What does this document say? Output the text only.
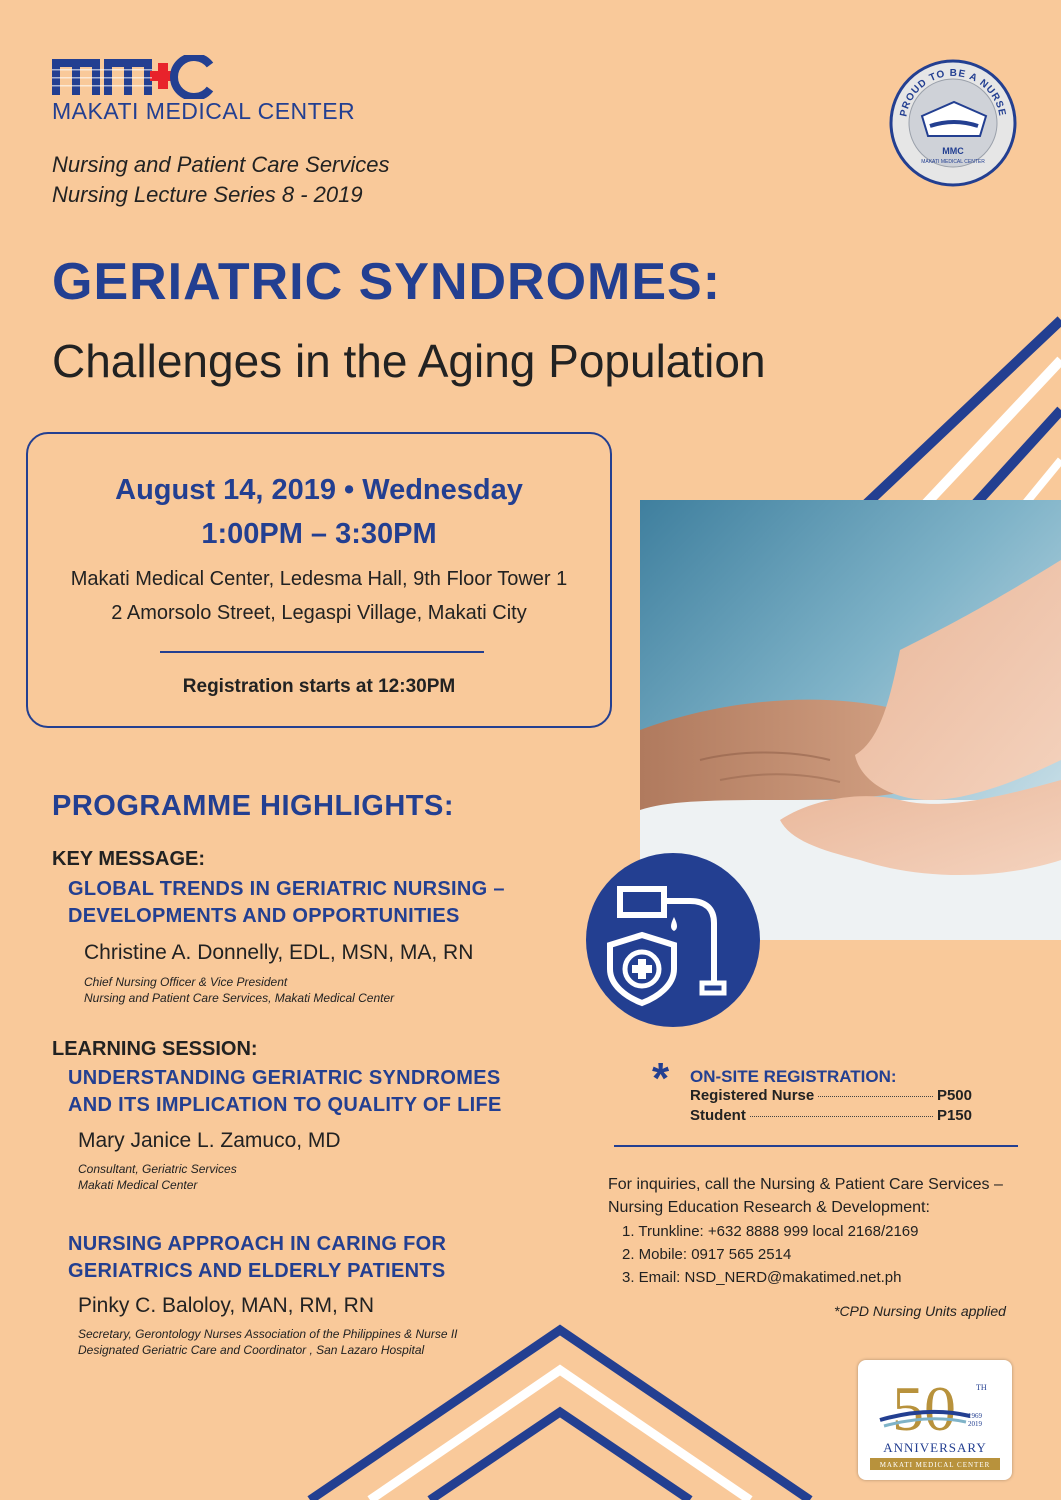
MAKATI MEDICAL CENTER
Nursing and Patient Care Services
Nursing Lecture Series 8 - 2019
PROUD TO BE A NURSE
MMC
MAKATI MEDICAL CENTER
GERIATRIC SYNDROMES:
Challenges in the Aging Population
August 14, 2019 • Wednesday
1:00PM – 3:30PM
Makati Medical Center, Ledesma Hall, 9th Floor Tower 1
2 Amorsolo Street, Legaspi Village, Makati City
Registration starts at 12:30PM
PROGRAMME HIGHLIGHTS:
KEY MESSAGE:
GLOBAL TRENDS IN GERIATRIC NURSING –
DEVELOPMENTS AND OPPORTUNITIES
Christine A. Donnelly, EDL, MSN, MA, RN
Chief Nursing Officer & Vice President
Nursing and Patient Care Services, Makati Medical Center
LEARNING SESSION:
UNDERSTANDING GERIATRIC SYNDROMES
AND ITS IMPLICATION TO QUALITY OF LIFE
Mary Janice L. Zamuco, MD
Consultant, Geriatric Services
Makati Medical Center
NURSING APPROACH IN CARING FOR
GERIATRICS AND ELDERLY PATIENTS
Pinky C. Baloloy, MAN, RM, RN
Secretary, Gerontology Nurses Association of the Philippines & Nurse II
Designated Geriatric Care and Coordinator , San Lazaro Hospital
* ON-SITE REGISTRATION:
Registered Nurse	P500
Student	P150
For inquiries, call the Nursing & Patient Care Services –
Nursing Education Research & Development:
1. Trunkline: +632 8888 999 local 2168/2169
2. Mobile: 0917 565 2514
3. Email: NSD_NERD@makatimed.net.ph
*CPD Nursing Units applied
50	TH
1969
2019
ANNIVERSARY
MAKATI MEDICAL CENTER
